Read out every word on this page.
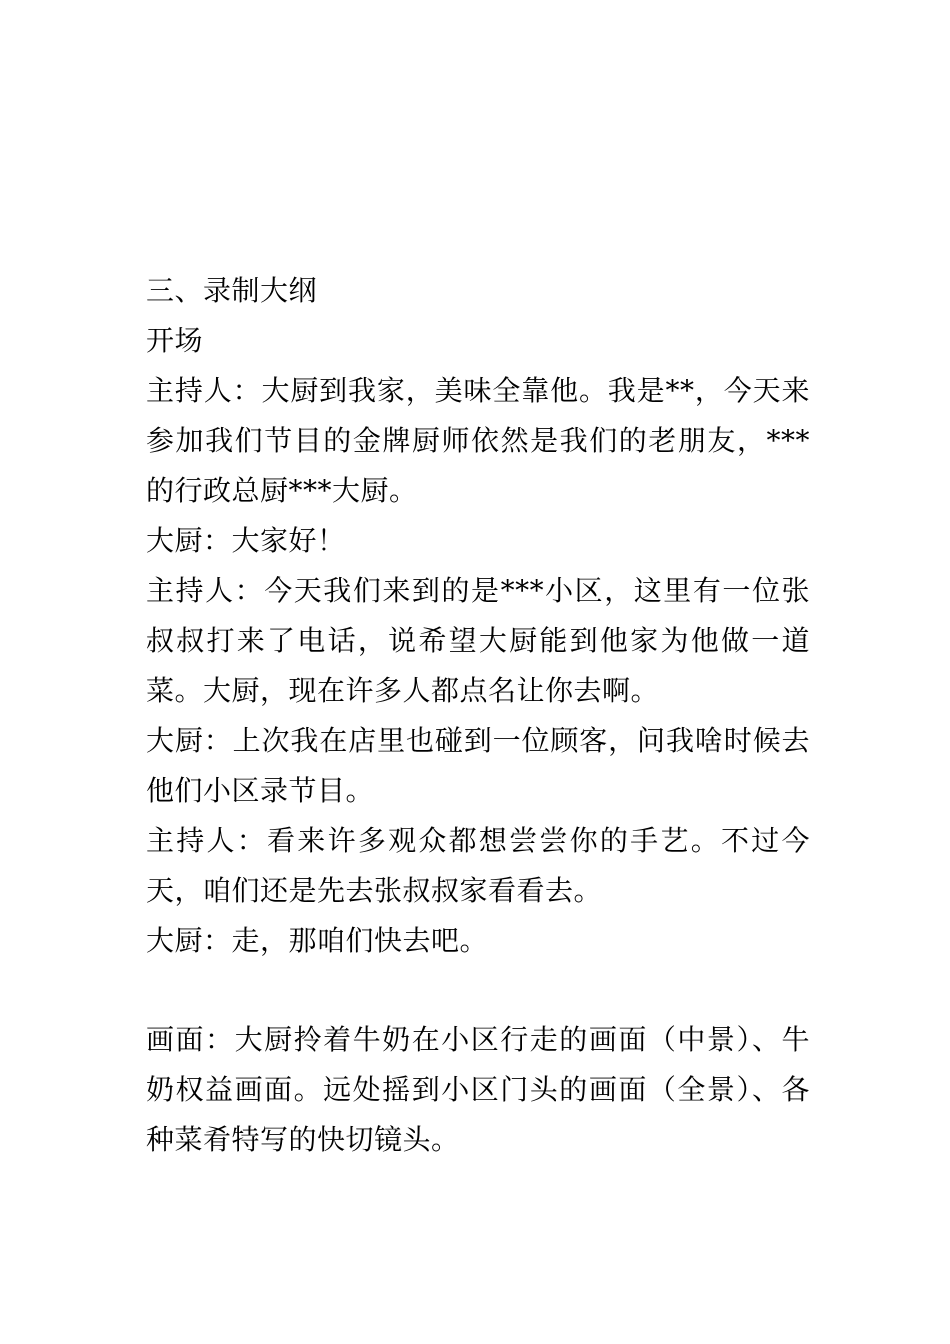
三、录制大纲

开场

主持人：大厨到我家，美味全靠他。我是**，今天来参加我们节目的金牌厨师依然是我们的老朋友，***的行政总厨***大厨。

大厨：大家好！

主持人：今天我们来到的是***小区，这里有一位张叔叔打来了电话，说希望大厨能到他家为他做一道菜。大厨，现在许多人都点名让你去啊。

大厨：上次我在店里也碰到一位顾客，问我啥时候去他们小区录节目。

主持人：看来许多观众都想尝尝你的手艺。不过今天，咱们还是先去张叔叔家看看去。

大厨：走，那咱们快去吧。

画面：大厨拎着牛奶在小区行走的画面（中景）、牛奶权益画面。远处摇到小区门头的画面（全景）、各种菜肴特写的快切镜头。
